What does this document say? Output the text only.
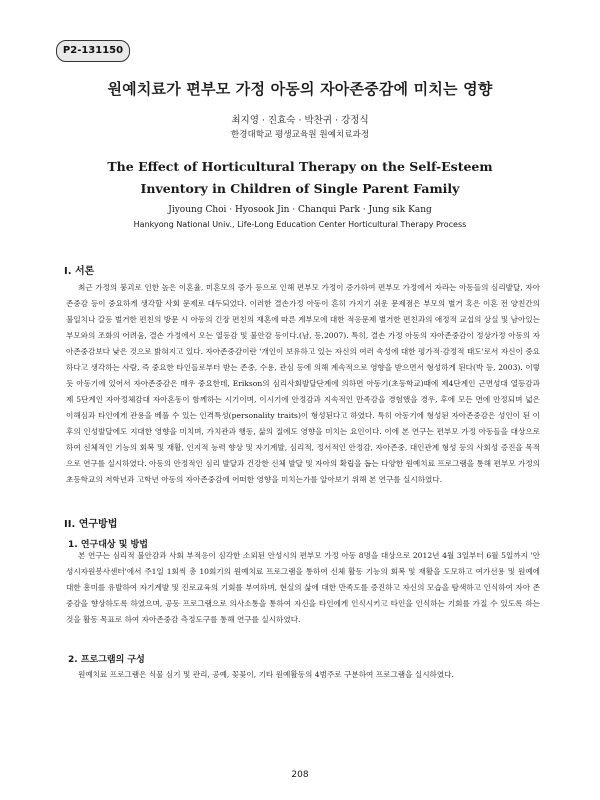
P2-131150
원예치료가 편부모 가정 아동의 자아존중감에 미치는 영향
최지영 · 진효숙 · 박찬귀 · 강정식
한경대학교 평생교육원 원예치료과정
The Effect of Horticultural Therapy on the Self-Esteem Inventory in Children of Single Parent Family
Jiyoung Choi · Hyosook Jin · Chanqui Park · Jung sik Kang
Hankyong National Univ., Life-Long Education Center Horticultural Therapy Process
I. 서론
최근 가정의 붕괴로 인한 높은 이혼율, 미혼모의 증가 등으로 인해 편부모 가정이 증가하여 편부모 가정에서 자라는 아동들의 심리발달, 자아존중감 등이 중요하게 생각할 사회 문제로 대두되었다. 이러한 결손가정 아동이 흔히 가지기 쉬운 문제점은 부모의 별거 혹은 이혼 전 양친간의 불일치나 갈등 벌거한 편친의 방문 시 아동의 긴장 편친의 재혼에 따른 계부모에 대한 적응문제 별거한 편친과의 애정적 교섭의 상실 및 남아있는 부모와의 조화의 어려움, 결손 가정에서 오는 열등감 및 불안감 등이다.(남, 등,2007). 특히, 결손 가정 아동의 자아존중감이 정상가정 아동의 자아존중감보다 낮은 것으로 밝혀지고 있다. 자아존중감이란 '개인이 보유하고 있는 자신의 여러 속성에 대한 평가적·감정적 태도'로서 자신이 중요하다고 생각하는 사람, 즉 중요한 타인들로부터 받는 존중, 수용, 관심 등에 의해 계속적으로 영향을 받으면서 형성하게 된다(박 등, 2003). 이렇듯 아동기에 있어서 자아존중감은 매우 중요한데, Erikson의 심리사회발달단계에 의하면 아동기(초등학교)때에 제4단계인 근면성대 열등감과 제 5단계인 자아정체감대 자아혼동이 함께하는 시기이며, 이시기에 안정감과 지속적인 만족감을 경험했을 경우, 후에 모든 면에 안정되며 넓은 이해심과 타인에게 관용을 베풀 수 있는 인격특성(personality traits)이 형성된다고 하였다. 특히 아동기에 형성된 자아존중감은 성인이 된 이후의 인성발달에도 지대한 영향을 미치며, 가치관과 행동, 삶의 질에도 영향을 미치는 요인이다. 이에 본 연구는 편부모 가정 아동들을 대상으로 하여 신체적인 기능의 회복 및 재활, 인지적 능력 향상 및 자기계발, 심리적, 정서적인 안정감, 자아존중, 대인관계 형성 등의 사회성 증진을 목적으로 연구를 실시하였다. 아동의 안정적인 심리 발달과 건강한 신체 발달 및 자아의 확립을 돕는 다양한 원예치료 프로그램을 통해 편부모 가정의 초등학교의 저학년과 고학년 아동의 자아존중감에 어떠한 영향을 미치는가를 알아보기 위해 본 연구를 실시하였다.
II. 연구방법
1. 연구대상 및 방법
본 연구는 심리적 불안감과 사회 부적응이 심각한 소외된 안성시의 편부모 가정 아동 8명을 대상으로 2012년 4월 3일부터 6월 5일까지 '안성시자원봉사센터'에서 주1일 1회씩 총 10회기의 원예치료 프로그램을 통하여 신체 활동 기능의 회복 및 재활을 도모하고 여가선용 및 원예에 대한 흥미를 유발하여 자기계발 및 진로교육의 기회를 부여하며, 현실의 삶에 대한 만족도를 증진하고 자신의 모습을 탐색하고 인식하여 자아 존중감을 향상하도록 하였으며, 공동 프로그램으로 의사소통을 통하여 자신을 타인에게 인식시키고 타인을 인식하는 기회를 가질 수 있도록 하는 것을 활동 목표로 하여 자아존중감 측정도구를 통해 연구를 실시하였다.
2. 프로그램의 구성
원예치료 프로그램은 식물 심기 및 관리, 공예, 꽃꽂이, 기타 원예활동의 4범주로 구분하여 프로그램을 실시하였다.
208
